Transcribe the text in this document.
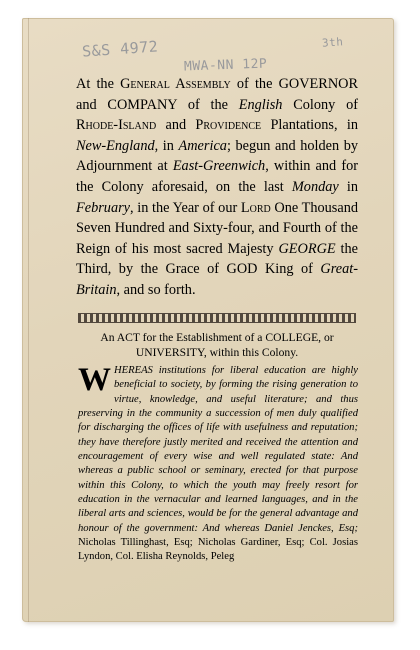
S&S 4972
MWA-NN 12P
3th
At the General Assembly of the GOVERNOR and COMPANY of the English Colony of Rhode-Island and Providence Plantations, in New-England, in America; begun and holden by Adjournment at East-Greenwich, within and for the Colony aforesaid, on the last Monday in February, in the Year of our Lord One Thousand Seven Hundred and Sixty-four, and Fourth of the Reign of his most sacred Majesty GEORGE the Third, by the Grace of GOD King of Great-Britain, and so forth.
An ACT for the Establishment of a COLLEGE, or UNIVERSITY, within this Colony.
WHEREAS institutions for liberal education are highly beneficial to society, by forming the rising generation to virtue, knowledge, and useful literature; and thus preserving in the community a succession of men duly qualified for discharging the offices of life with usefulness and reputation; they have therefore justly merited and received the attention and encouragement of every wise and well regulated state: And whereas a public school or seminary, erected for that purpose within this Colony, to which the youth may freely resort for education in the vernacular and learned languages, and in the liberal arts and sciences, would be for the general advantage and honour of the government: And whereas Daniel Jenckes, Esq; Nicholas Tillinghast, Esq; Nicholas Gardiner, Esq; Col. Josias Lyndon, Col. Elisha Reynolds, Peleg
